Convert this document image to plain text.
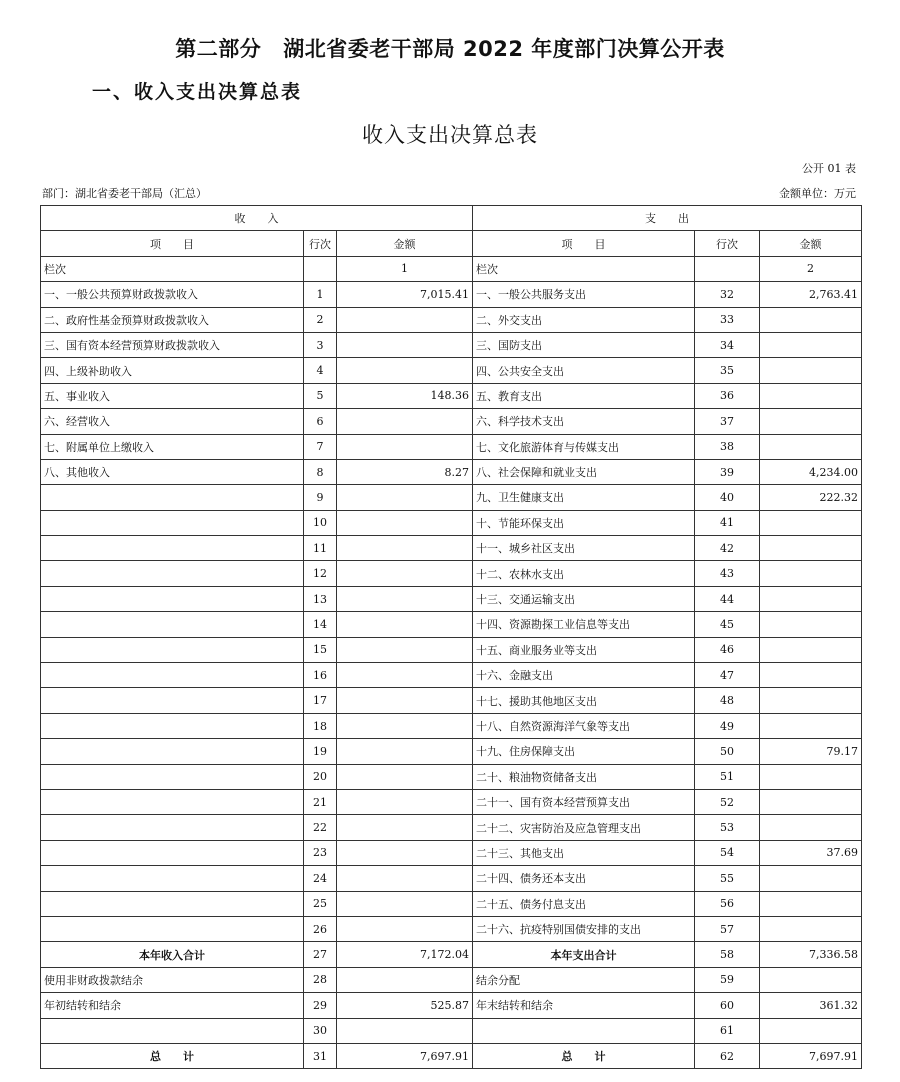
第二部分 湖北省委老干部局 2022 年度部门决算公开表
一、收入支出决算总表
收入支出决算总表
公开 01 表
部门：湖北省委老干部局（汇总）	金额单位：万元
收　　入			支　　出		
项　　目	行次	金额	项　　目	行次	金额
栏次		1	栏次		2
一、一般公共预算财政拨款收入	1	7,015.41	一、一般公共服务支出	32	2,763.41
二、政府性基金预算财政拨款收入	2		二、外交支出	33	
三、国有资本经营预算财政拨款收入	3		三、国防支出	34	
四、上级补助收入	4		四、公共安全支出	35	
五、事业收入	5	148.36	五、教育支出	36	
六、经营收入	6		六、科学技术支出	37	
七、附属单位上缴收入	7		七、文化旅游体育与传媒支出	38	
八、其他收入	8	8.27	八、社会保障和就业支出	39	4,234.00
	9		九、卫生健康支出	40	222.32
	10		十、节能环保支出	41	
	11		十一、城乡社区支出	42	
	12		十二、农林水支出	43	
	13		十三、交通运输支出	44	
	14		十四、资源勘探工业信息等支出	45	
	15		十五、商业服务业等支出	46	
	16		十六、金融支出	47	
	17		十七、援助其他地区支出	48	
	18		十八、自然资源海洋气象等支出	49	
	19		十九、住房保障支出	50	79.17
	20		二十、粮油物资储备支出	51	
	21		二十一、国有资本经营预算支出	52	
	22		二十二、灾害防治及应急管理支出	53	
	23		二十三、其他支出	54	37.69
	24		二十四、债务还本支出	55	
	25		二十五、债务付息支出	56	
	26		二十六、抗疫特别国债安排的支出	57	
本年收入合计	27	7,172.04	本年支出合计	58	7,336.58
使用非财政拨款结余	28		结余分配	59	
年初结转和结余	29	525.87	年末结转和结余	60	361.32
	30			61	
总　　计	31	7,697.91	总　　计	62	7,697.91
